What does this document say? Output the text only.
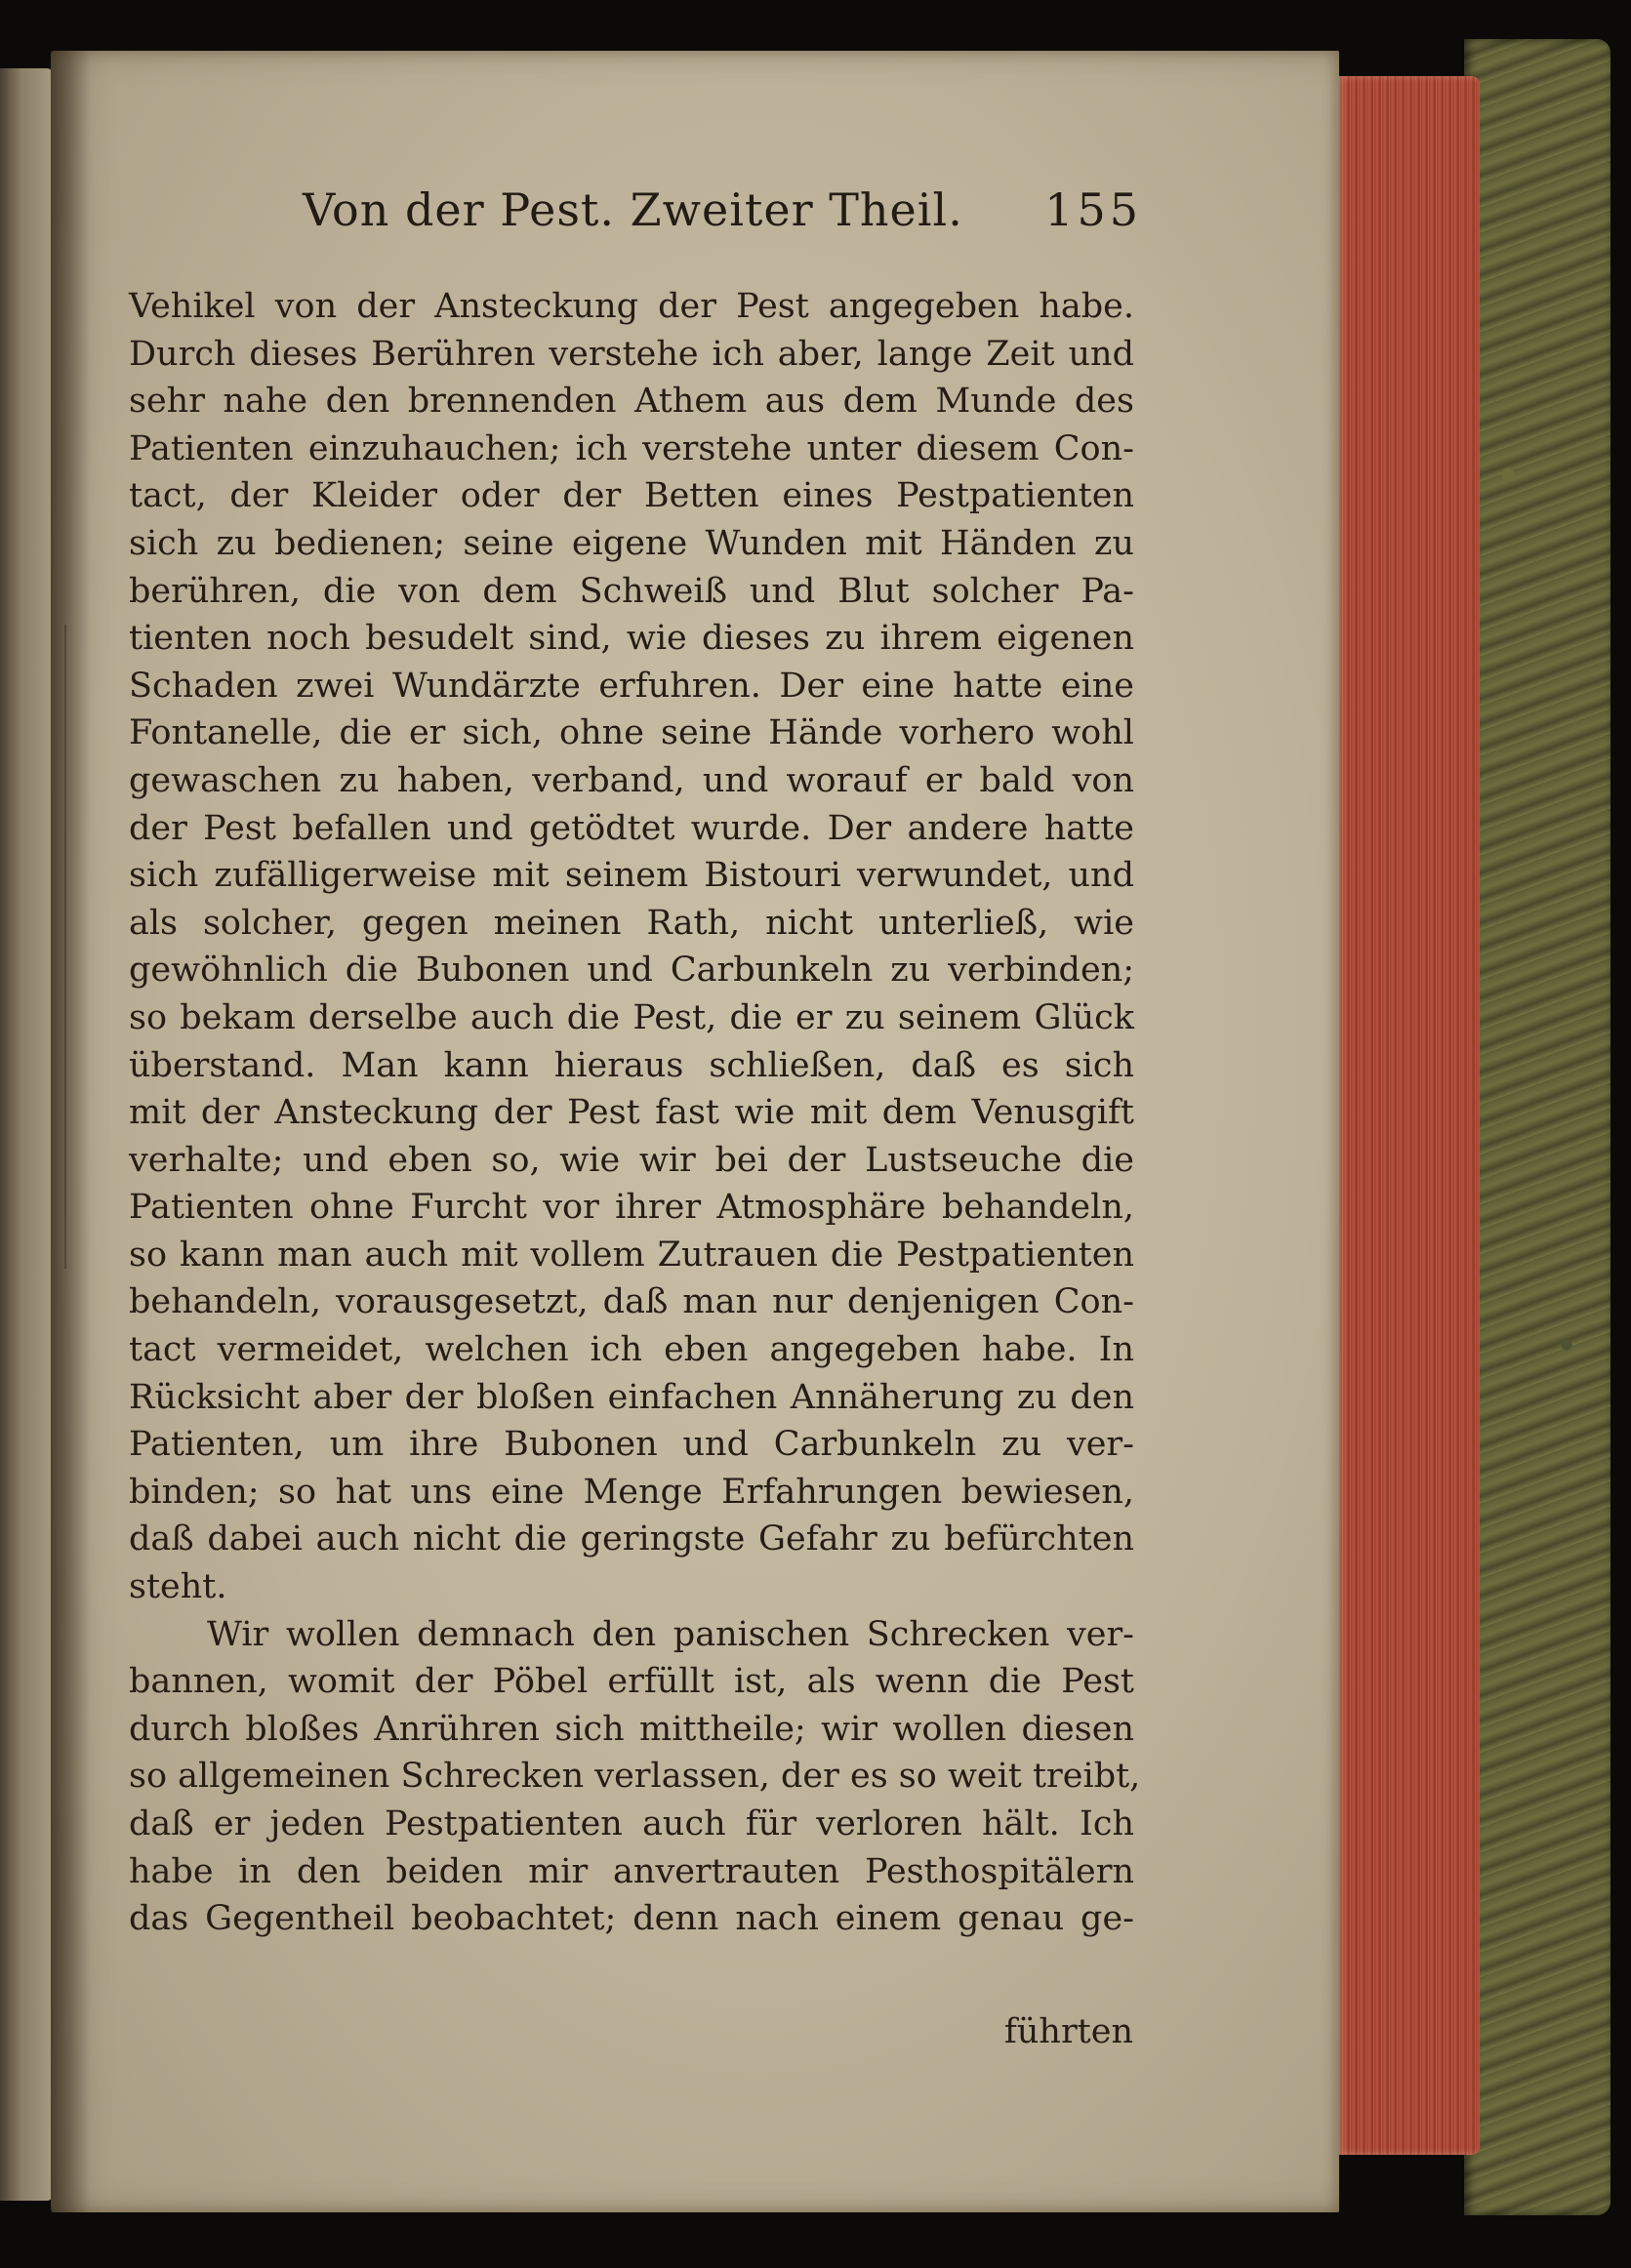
Von der Pest. Zweiter Theil. 155
Vehikel von der Ansteckung der Pest angegeben habe.
Durch dieses Berühren verstehe ich aber, lange Zeit und
sehr nahe den brennenden Athem aus dem Munde des
Patienten einzuhauchen; ich verstehe unter diesem Con-
tact, der Kleider oder der Betten eines Pestpatienten
sich zu bedienen; seine eigene Wunden mit Händen zu
berühren, die von dem Schweiß und Blut solcher Pa-
tienten noch besudelt sind, wie dieses zu ihrem eigenen
Schaden zwei Wundärzte erfuhren. Der eine hatte eine
Fontanelle, die er sich, ohne seine Hände vorhero wohl
gewaschen zu haben, verband, und worauf er bald von
der Pest befallen und getödtet wurde. Der andere hatte
sich zufälligerweise mit seinem Bistouri verwundet, und
als solcher, gegen meinen Rath, nicht unterließ, wie
gewöhnlich die Bubonen und Carbunkeln zu verbinden;
so bekam derselbe auch die Pest, die er zu seinem Glück
überstand. Man kann hieraus schließen, daß es sich
mit der Ansteckung der Pest fast wie mit dem Venusgift
verhalte; und eben so, wie wir bei der Lustseuche die
Patienten ohne Furcht vor ihrer Atmosphäre behandeln,
so kann man auch mit vollem Zutrauen die Pestpatienten
behandeln, vorausgesetzt, daß man nur denjenigen Con-
tact vermeidet, welchen ich eben angegeben habe. In
Rücksicht aber der bloßen einfachen Annäherung zu den
Patienten, um ihre Bubonen und Carbunkeln zu ver-
binden; so hat uns eine Menge Erfahrungen bewiesen,
daß dabei auch nicht die geringste Gefahr zu befürchten
steht.
Wir wollen demnach den panischen Schrecken ver-
bannen, womit der Pöbel erfüllt ist, als wenn die Pest
durch bloßes Anrühren sich mittheile; wir wollen diesen
so allgemeinen Schrecken verlassen, der es so weit treibt,
daß er jeden Pestpatienten auch für verloren hält. Ich
habe in den beiden mir anvertrauten Pesthospitälern
das Gegentheil beobachtet; denn nach einem genau ge-
führten
